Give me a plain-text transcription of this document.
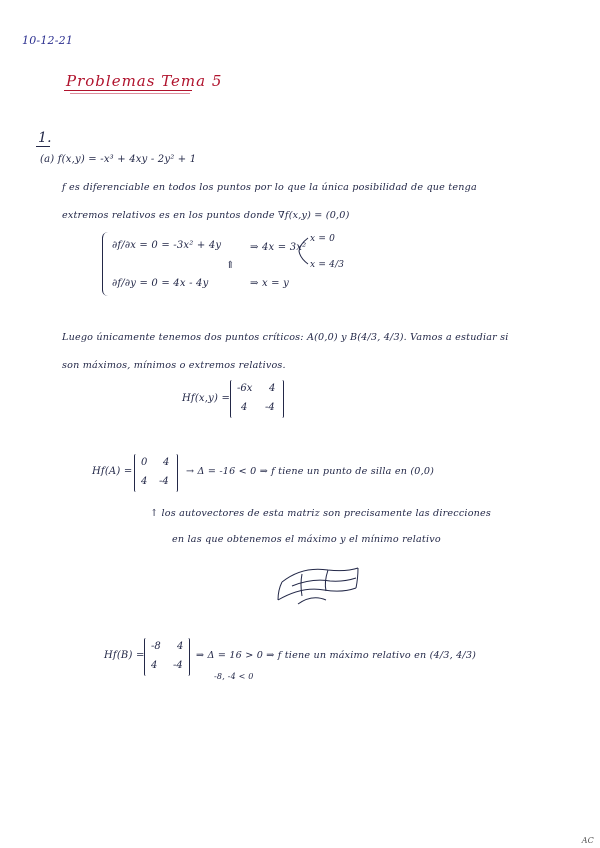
10-12-21
Problemas Tema 5
1.
(a) f(x,y) = -x³ + 4xy - 2y² + 1
f es diferenciable en todos los puntos por lo que la única posibilidad de que tenga
extremos relativos es en los puntos donde ∇f(x,y) = (0,0)
∂f/∂x = 0 = -3x² + 4y
∂f/∂y = 0 = 4x - 4y
⇒ 4x = 3x²
⇑
⇒ x = y
x = 0
x = 4/3
Luego únicamente tenemos dos puntos críticos: A(0,0) y B(4/3, 4/3). Vamos a estudiar si
son máximos, mínimos o extremos relativos.
Hf(x,y) =
-6x 4
4 -4
Hf(A) =
0 4
4 -4
→ Δ = -16 < 0 ⇒ f tiene un punto de silla en (0,0)
↑ los autovectores de esta matriz son precisamente las direcciones
en las que obtenemos el máximo y el mínimo relativo
Hf(B) =
-8 4
4 -4
⇒ Δ = 16 > 0 ⇒ f tiene un máximo relativo en (4/3, 4/3)
-8, -4 < 0
AC
